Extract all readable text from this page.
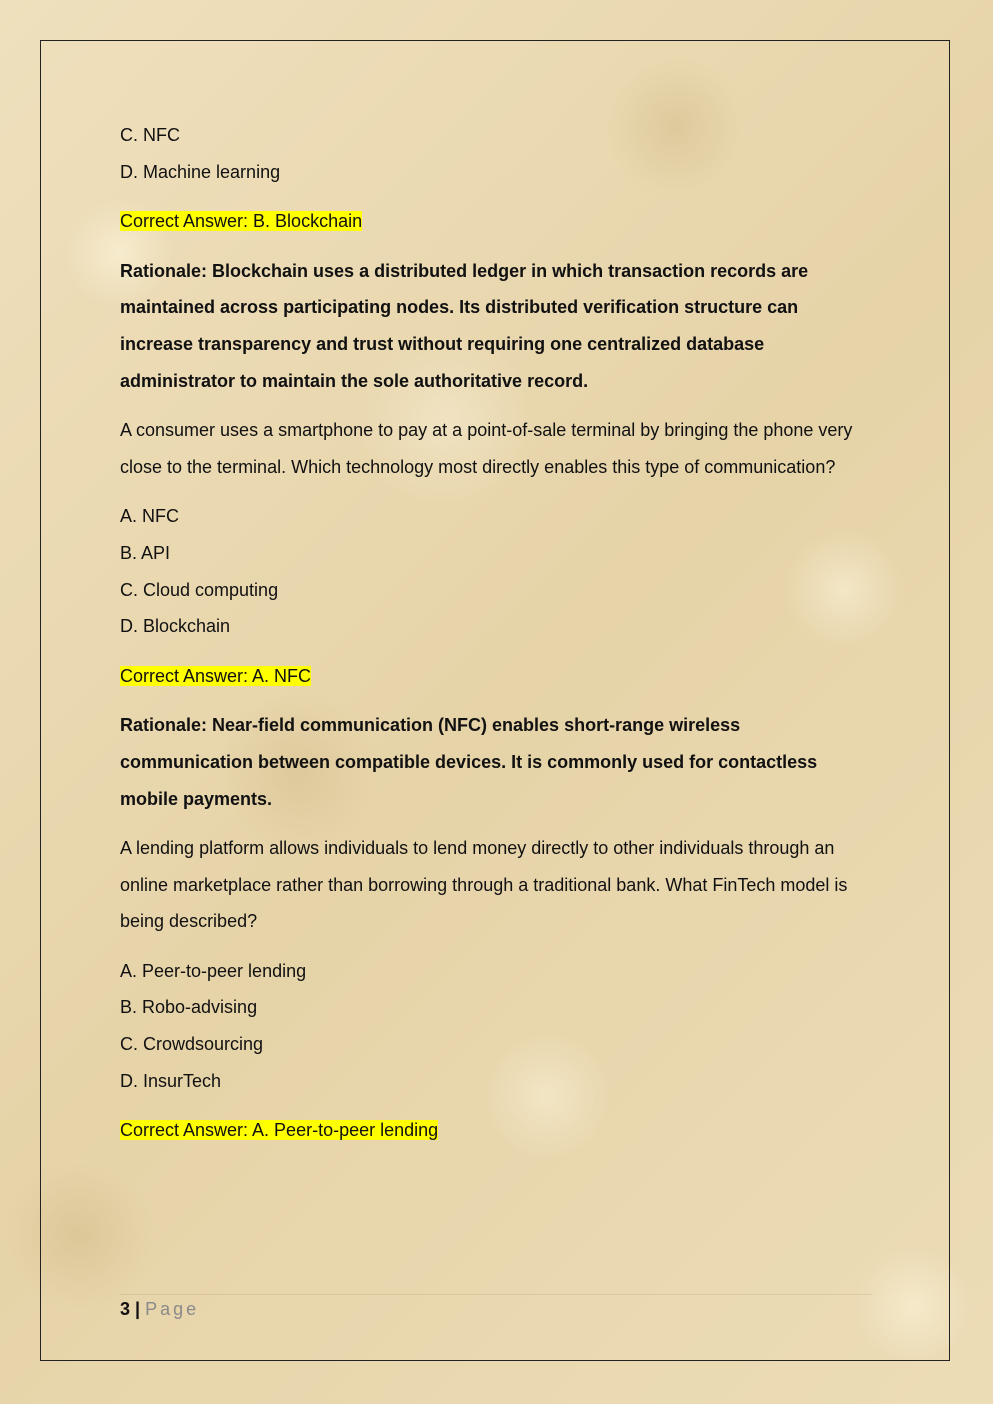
C. NFC

D. Machine learning

Correct Answer: B. Blockchain

Rationale: Blockchain uses a distributed ledger in which transaction records are maintained across participating nodes. Its distributed verification structure can increase transparency and trust without requiring one centralized database administrator to maintain the sole authoritative record.

A consumer uses a smartphone to pay at a point-of-sale terminal by bringing the phone very close to the terminal. Which technology most directly enables this type of communication?

A. NFC

B. API

C. Cloud computing

D. Blockchain

Correct Answer: A. NFC

Rationale: Near-field communication (NFC) enables short-range wireless communication between compatible devices. It is commonly used for contactless mobile payments.

A lending platform allows individuals to lend money directly to other individuals through an online marketplace rather than borrowing through a traditional bank. What FinTech model is being described?

A. Peer-to-peer lending

B. Robo-advising

C. Crowdsourcing

D. InsurTech

Correct Answer: A. Peer-to-peer lending

3 | Page
